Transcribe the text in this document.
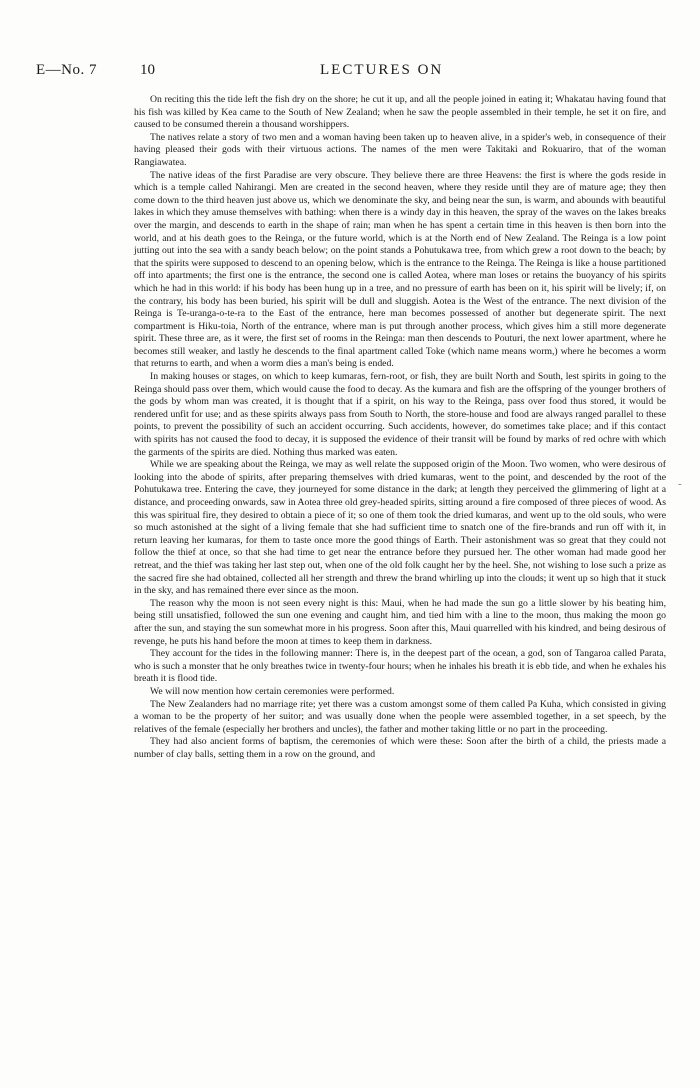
E—No. 7	10	LECTURES ON

On reciting this the tide left the fish dry on the shore; he cut it up, and all the people joined in eating it; Whakatau having found that his fish was killed by Kea came to the South of New Zealand; when he saw the people assembled in their temple, he set it on fire, and caused to be consumed therein a thousand worshippers.

The natives relate a story of two men and a woman having been taken up to heaven alive, in a spider's web, in consequence of their having pleased their gods with their virtuous actions. The names of the men were Takitaki and Rokuariro, that of the woman Rangiawatea.

The native ideas of the first Paradise are very obscure. They believe there are three Heavens: the first is where the gods reside in which is a temple called Nahirangi. Men are created in the second heaven, where they reside until they are of mature age; they then come down to the third heaven just above us, which we denominate the sky, and being near the sun, is warm, and abounds with beautiful lakes in which they amuse themselves with bathing: when there is a windy day in this heaven, the spray of the waves on the lakes breaks over the margin, and descends to earth in the shape of rain; man when he has spent a certain time in this heaven is then born into the world, and at his death goes to the Reinga, or the future world, which is at the North end of New Zealand. The Reinga is a low point jutting out into the sea with a sandy beach below; on the point stands a Pohutukawa tree, from which grew a root down to the beach; by that the spirits were supposed to descend to an opening below, which is the entrance to the Reinga. The Reinga is like a house partitioned off into apartments; the first one is the entrance, the second one is called Aotea, where man loses or retains the buoyancy of his spirits which he had in this world: if his body has been hung up in a tree, and no pressure of earth has been on it, his spirit will be lively; if, on the contrary, his body has been buried, his spirit will be dull and sluggish. Aotea is the West of the entrance. The next division of the Reinga is Te-uranga-o-te-ra to the East of the entrance, here man becomes possessed of another but degenerate spirit. The next compartment is Hiku-toia, North of the entrance, where man is put through another process, which gives him a still more degenerate spirit. These three are, as it were, the first set of rooms in the Reinga: man then descends to Pouturi, the next lower apartment, where he becomes still weaker, and lastly he descends to the final apartment called Toke (which name means worm,) where he becomes a worm that returns to earth, and when a worm dies a man's being is ended.

In making houses or stages, on which to keep kumaras, fern-root, or fish, they are built North and South, lest spirits in going to the Reinga should pass over them, which would cause the food to decay. As the kumara and fish are the offspring of the younger brothers of the gods by whom man was created, it is thought that if a spirit, on his way to the Reinga, pass over food thus stored, it would be rendered unfit for use; and as these spirits always pass from South to North, the store-house and food are always ranged parallel to these points, to prevent the possibility of such an accident occurring. Such accidents, however, do sometimes take place; and if this contact with spirits has not caused the food to decay, it is supposed the evidence of their transit will be found by marks of red ochre with which the garments of the spirits are died. Nothing thus marked was eaten.

While we are speaking about the Reinga, we may as well relate the supposed origin of the Moon. Two women, who were desirous of looking into the abode of spirits, after preparing themselves with dried kumaras, went to the point, and descended by the root of the Pohutukawa tree. Entering the cave, they journeyed for some distance in the dark; at length they perceived the glimmering of light at a distance, and proceeding onwards, saw in Aotea three old grey-headed spirits, sitting around a fire composed of three pieces of wood. As this was spiritual fire, they desired to obtain a piece of it; so one of them took the dried kumaras, and went up to the old souls, who were so much astonished at the sight of a living female that she had sufficient time to snatch one of the fire-brands and run off with it, in return leaving her kumaras, for them to taste once more the good things of Earth. Their astonishment was so great that they could not follow the thief at once, so that she had time to get near the entrance before they pursued her. The other woman had made good her retreat, and the thief was taking her last step out, when one of the old folk caught her by the heel. She, not wishing to lose such a prize as the sacred fire she had obtained, collected all her strength and threw the brand whirling up into the clouds; it went up so high that it stuck in the sky, and has remained there ever since as the moon.

The reason why the moon is not seen every night is this: Maui, when he had made the sun go a little slower by his beating him, being still unsatisfied, followed the sun one evening and caught him, and tied him with a line to the moon, thus making the moon go after the sun, and staying the sun somewhat more in his progress. Soon after this, Maui quarrelled with his kindred, and being desirous of revenge, he puts his hand before the moon at times to keep them in darkness.

They account for the tides in the following manner: There is, in the deepest part of the ocean, a god, son of Tangaroa called Parata, who is such a monster that he only breathes twice in twenty-four hours; when he inhales his breath it is ebb tide, and when he exhales his breath it is flood tide.

We will now mention how certain ceremonies were performed.

The New Zealanders had no marriage rite; yet there was a custom amongst some of them called Pa Kuha, which consisted in giving a woman to be the property of her suitor; and was usually done when the people were assembled together, in a set speech, by the relatives of the female (especially her brothers and uncles), the father and mother taking little or no part in the proceeding.

They had also ancient forms of baptism, the ceremonies of which were these: Soon after the birth of a child, the priests made a number of clay balls, setting them in a row on the ground, and

-
